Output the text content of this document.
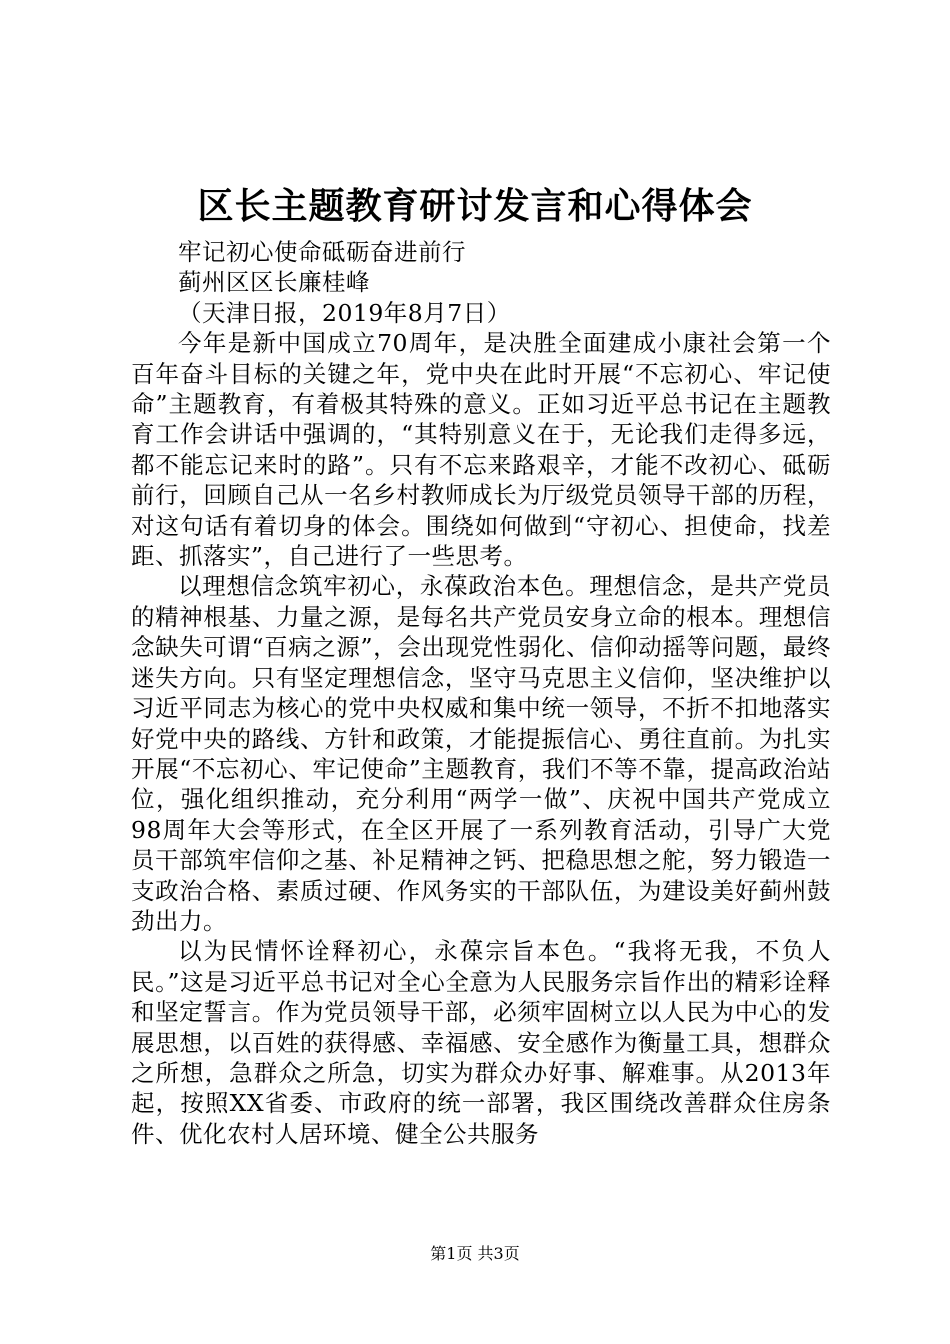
区长主题教育研讨发言和心得体会

牢记初心使命砥砺奋进前行

蓟州区区长廉桂峰

（天津日报，2019年8月7日）

今年是新中国成立70周年，是决胜全面建成小康社会第一个百年奋斗目标的关键之年，党中央在此时开展“不忘初心、牢记使命”主题教育，有着极其特殊的意义。正如习近平总书记在主题教育工作会讲话中强调的，“其特别意义在于，无论我们走得多远，都不能忘记来时的路”。只有不忘来路艰辛，才能不改初心、砥砺前行，回顾自己从一名乡村教师成长为厅级党员领导干部的历程，对这句话有着切身的体会。围绕如何做到“守初心、担使命，找差距、抓落实”，自己进行了一些思考。

以理想信念筑牢初心，永葆政治本色。理想信念，是共产党员的精神根基、力量之源，是每名共产党员安身立命的根本。理想信念缺失可谓“百病之源”，会出现党性弱化、信仰动摇等问题，最终迷失方向。只有坚定理想信念，坚守马克思主义信仰，坚决维护以习近平同志为核心的党中央权威和集中统一领导，不折不扣地落实好党中央的路线、方针和政策，才能提振信心、勇往直前。为扎实开展“不忘初心、牢记使命”主题教育，我们不等不靠，提高政治站位，强化组织推动，充分利用“两学一做”、庆祝中国共产党成立98周年大会等形式，在全区开展了一系列教育活动，引导广大党员干部筑牢信仰之基、补足精神之钙、把稳思想之舵，努力锻造一支政治合格、素质过硬、作风务实的干部队伍，为建设美好蓟州鼓劲出力。

以为民情怀诠释初心，永葆宗旨本色。“我将无我，不负人民。”这是习近平总书记对全心全意为人民服务宗旨作出的精彩诠释和坚定誓言。作为党员领导干部，必须牢固树立以人民为中心的发展思想，以百姓的获得感、幸福感、安全感作为衡量工具，想群众之所想，急群众之所急，切实为群众办好事、解难事。从2013年起，按照XX省委、市政府的统一部署，我区围绕改善群众住房条件、优化农村人居环境、健全公共服务

第1页 共3页
